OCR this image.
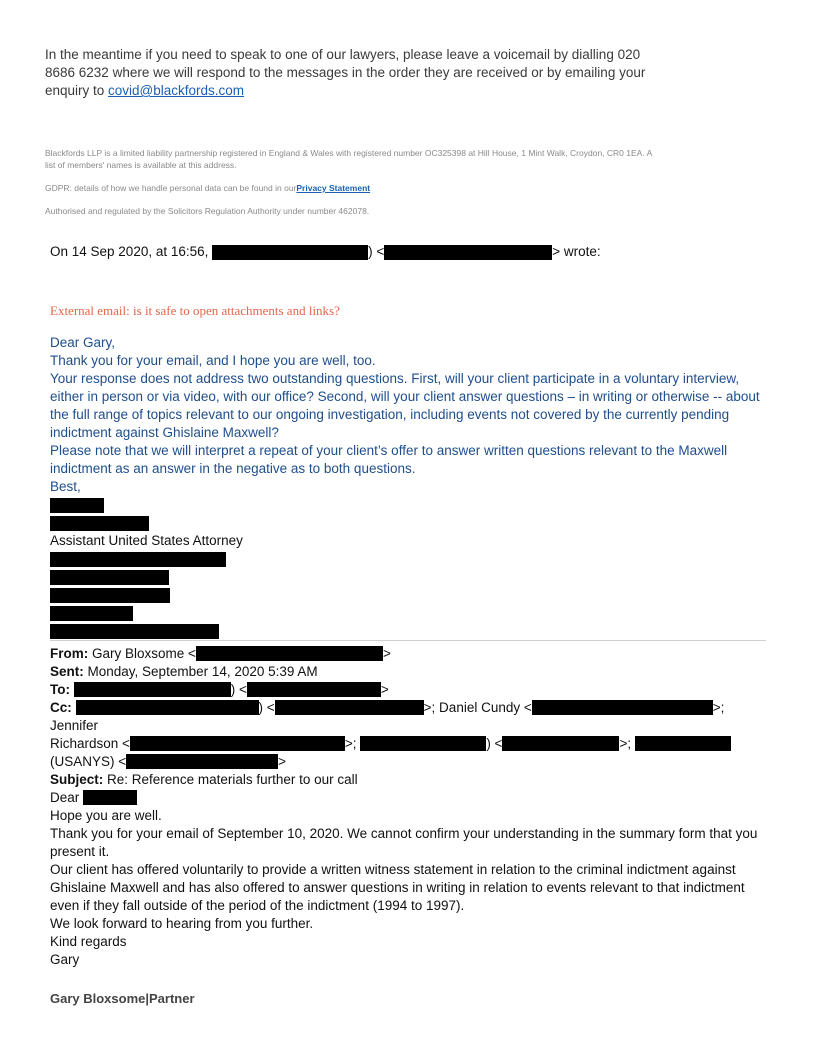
In the meantime if you need to speak to one of our lawyers, please leave a voicemail by dialling 020 8686 6232 where we will respond to the messages in the order they are received or by emailing your enquiry to covid@blackfords.com
Blackfords LLP is a limited liability partnership registered in England & Wales with registered number OC325398 at Hill House, 1 Mint Walk, Croydon, CR0 1EA. A list of members' names is available at this address.
GDPR: details of how we handle personal data can be found in ourPrivacy Statement
Authorised and regulated by the Solicitors Regulation Authority under number 462078.
On 14 Sep 2020, at 16:56,	) <	> wrote:
External email: is it safe to open attachments and links?
Dear Gary,
Thank you for your email, and I hope you are well, too.
Your response does not address two outstanding questions. First, will your client participate in a voluntary interview, either in person or via video, with our office? Second, will your client answer questions – in writing or otherwise -- about the full range of topics relevant to our ongoing investigation, including events not covered by the currently pending indictment against Ghislaine Maxwell?
Please note that we will interpret a repeat of your client’s offer to answer written questions relevant to the Maxwell indictment as an answer in the negative as to both questions.
Best,
Assistant United States Attorney
From: Gary Bloxsome <	>
Sent: Monday, September 14, 2020 5:39 AM
To:	) <	>
Cc:	) <	>; Daniel Cundy <	>; Jennifer
Richardson <	>;	) <	>;
(USANYS) <	>
Subject: Re: Reference materials further to our call
Dear
Hope you are well.
Thank you for your email of September 10, 2020. We cannot confirm your understanding in the summary form that you present it.
Our client has offered voluntarily to provide a written witness statement in relation to the criminal indictment against Ghislaine Maxwell and has also offered to answer questions in writing in relation to events relevant to that indictment even if they fall outside of the period of the indictment (1994 to 1997).
We look forward to hearing from you further.
Kind regards
Gary
Gary Bloxsome|Partner
